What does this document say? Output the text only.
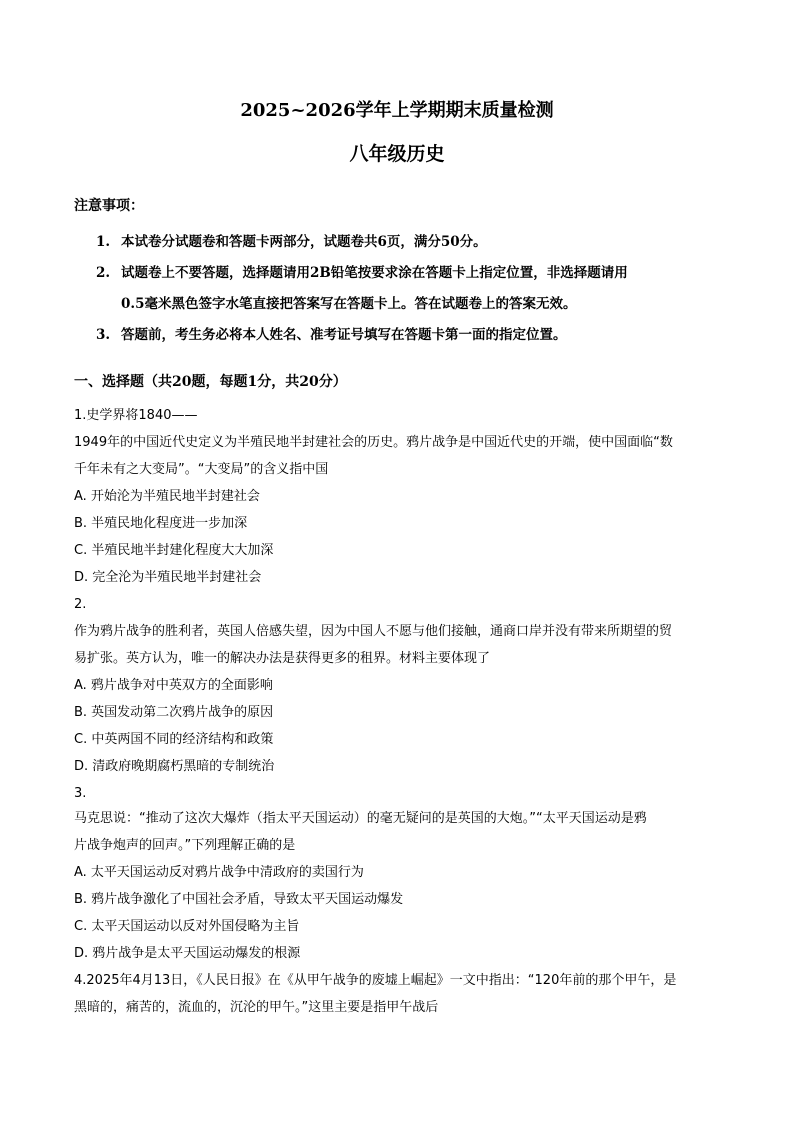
2025~2026学年上学期期末质量检测
八年级历史
注意事项：
1. 本试卷分试题卷和答题卡两部分，试题卷共6页，满分50分。
2. 试题卷上不要答题，选择题请用2B铅笔按要求涂在答题卡上指定位置，非选择题请用
0.5毫米黑色签字水笔直接把答案写在答题卡上。答在试题卷上的答案无效。
3. 答题前，考生务必将本人姓名、准考证号填写在答题卡第一面的指定位置。
一、选择题（共20题，每题1分，共20分）
1.史学界将1840——
1949年的中国近代史定义为半殖民地半封建社会的历史。鸦片战争是中国近代史的开端，使中国面临“数
千年未有之大变局”。“大变局”的含义指中国
A. 开始沦为半殖民地半封建社会
B. 半殖民地化程度进一步加深
C. 半殖民地半封建化程度大大加深
D. 完全沦为半殖民地半封建社会
2.
作为鸦片战争的胜利者，英国人倍感失望，因为中国人不愿与他们接触，通商口岸并没有带来所期望的贸
易扩张。英方认为，唯一的解决办法是获得更多的租界。材料主要体现了
A. 鸦片战争对中英双方的全面影响
B. 英国发动第二次鸦片战争的原因
C. 中英两国不同的经济结构和政策
D. 清政府晚期腐朽黑暗的专制统治
3.
马克思说：“推动了这次大爆炸（指太平天国运动）的毫无疑问的是英国的大炮。”“太平天国运动是鸦
片战争炮声的回声。”下列理解正确的是
A. 太平天国运动反对鸦片战争中清政府的卖国行为
B. 鸦片战争激化了中国社会矛盾，导致太平天国运动爆发
C. 太平天国运动以反对外国侵略为主旨
D. 鸦片战争是太平天国运动爆发的根源
4.2025年4月13日，《人民日报》在《从甲午战争的废墟上崛起》一文中指出：“120年前的那个甲午，是
黑暗的，痛苦的，流血的，沉沦的甲午。”这里主要是指甲午战后
